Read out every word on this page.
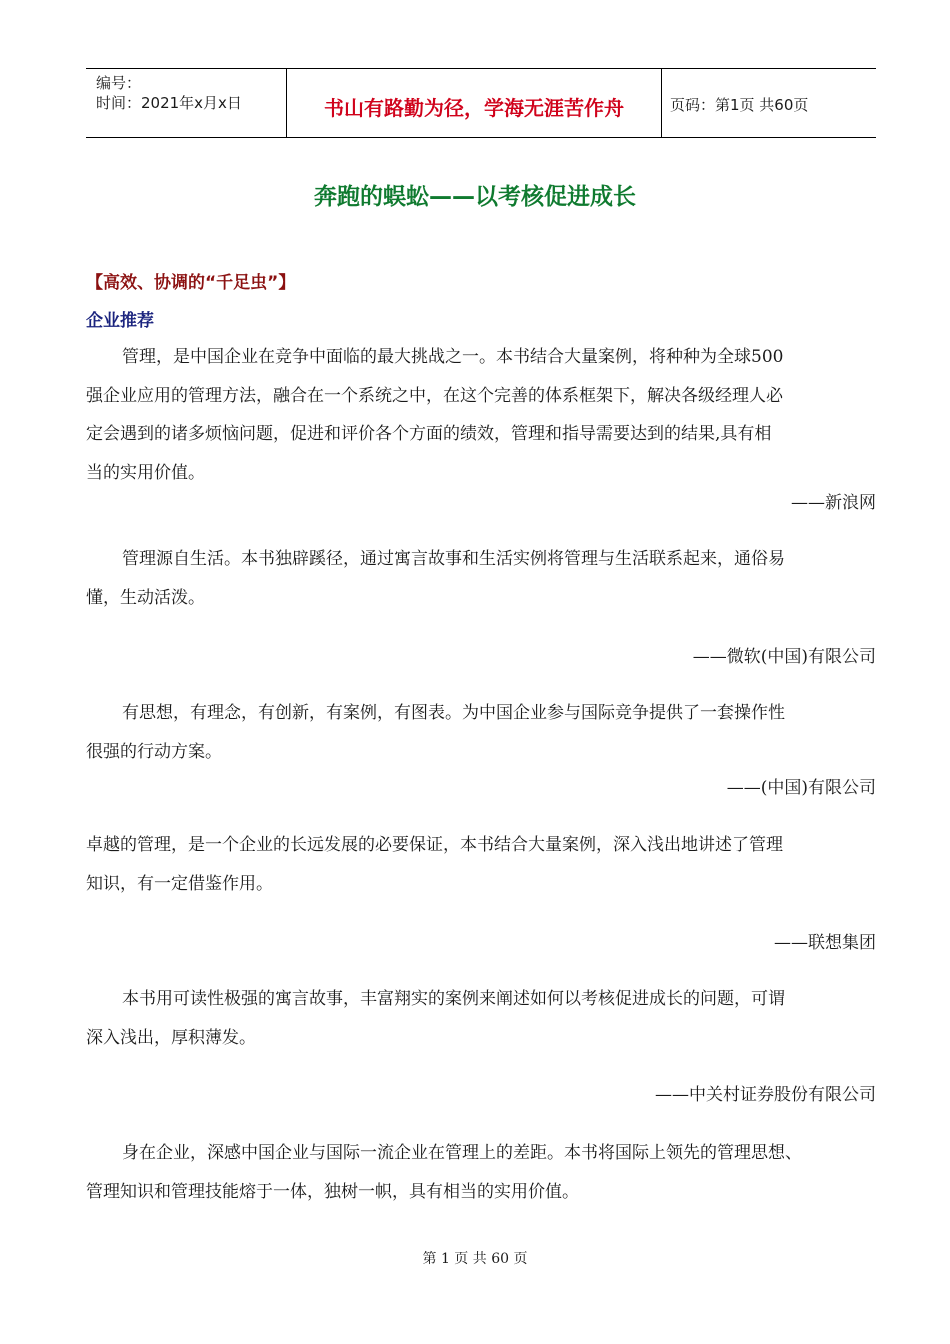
编号：
时间：2021年x月x日	书山有路勤为径，学海无涯苦作舟	页码：第1页 共60页
奔跑的蜈蚣——以考核促进成长
【高效、协调的“千足虫”】
企业推荐

管理，是中国企业在竞争中面临的最大挑战之一。本书结合大量案例，将种种为全球500
强企业应用的管理方法，融合在一个系统之中，在这个完善的体系框架下，解决各级经理人必
定会遇到的诸多烦恼问题，促进和评价各个方面的绩效，管理和指导需要达到的结果,具有相
当的实用价值。

——新浪网

管理源自生活。本书独辟蹊径，通过寓言故事和生活实例将管理与生活联系起来，通俗易
懂，生动活泼。

——微软(中国)有限公司

有思想，有理念，有创新，有案例，有图表。为中国企业参与国际竞争提供了一套操作性
很强的行动方案。

——(中国)有限公司

卓越的管理，是一个企业的长远发展的必要保证，本书结合大量案例，深入浅出地讲述了管理
知识，有一定借鉴作用。

——联想集团

本书用可读性极强的寓言故事，丰富翔实的案例来阐述如何以考核促进成长的问题，可谓
深入浅出，厚积薄发。

——中关村证券股份有限公司

身在企业，深感中国企业与国际一流企业在管理上的差距。本书将国际上领先的管理思想、
管理知识和管理技能熔于一体，独树一帜，具有相当的实用价值。

第 1 页 共 60 页
